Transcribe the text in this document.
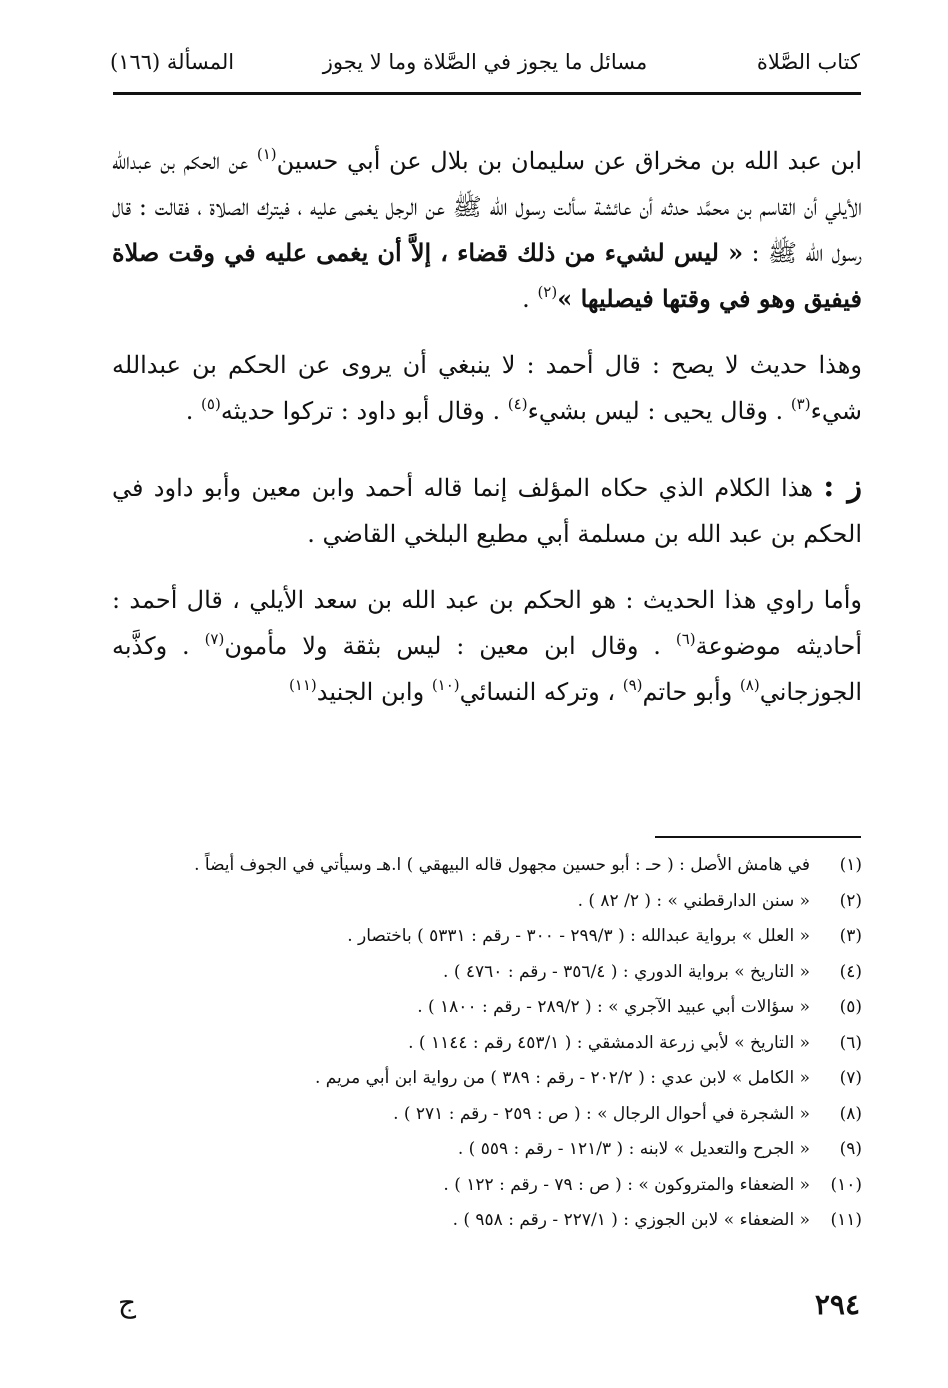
كتاب الصَّلاة
مسائل ما يجوز في الصَّلاة وما لا يجوز
المسألة (١٦٦)

ابن عبد الله بن مخراق عن سليمان بن بلال عن أبي حسين$^{(١)}$ عن الحكم بن عبدالله الأيلي أن القاسم بن محمَّد حدثه أن عائشة سألت رسول الله ﷺ عن الرجل يغمى عليه ، فيترك الصلاة ، فقالت : قال رسول الله ﷺ : « ليس لشيء من ذلك قضاء ، إلاَّ أن يغمى عليه في وقت صلاة فيفيق وهو في وقتها فيصليها »$^{(٢)}$ .

وهذا حديث لا يصح : قال أحمد : لا ينبغي أن يروى عن الحكم بن عبدالله شيء$^{(٣)}$ . وقال يحيى : ليس بشيء$^{(٤)}$ . وقال أبو داود : تركوا حديثه$^{(٥)}$ .

ز : هذا الكلام الذي حكاه المؤلف إنما قاله أحمد وابن معين وأبو داود في الحكم بن عبد الله بن مسلمة أبي مطيع البلخي القاضي .

وأما راوي هذا الحديث : هو الحكم بن عبد الله بن سعد الأيلي ، قال أحمد : أحاديثه موضوعة$^{(٦)}$ . وقال ابن معين : ليس بثقة ولا مأمون$^{(٧)}$ . وكذَّبه الجوزجاني$^{(٨)}$ وأبو حاتم$^{(٩)}$ ، وتركه النسائي$^{(١٠)}$ وابن الجنيد$^{(١١)}$

(١)
في هامش الأصل : ( حـ : أبو حسين مجهول قاله البيهقي ) ا.هـ وسيأتي في الجوف أيضاً .
(٢)
« سنن الدارقطني » : ( ٢/ ٨٢ ) .
(٣)
« العلل » برواية عبدالله : ( ٢٩٩/٣ - ٣٠٠ - رقم : ٥٣٣١ ) باختصار .
(٤)
« التاريخ » برواية الدوري : ( ٣٥٦/٤ - رقم : ٤٧٦٠ ) .
(٥)
« سؤالات أبي عبيد الآجري » : ( ٢٨٩/٢ - رقم : ١٨٠٠ ) .
(٦)
« التاريخ » لأبي زرعة الدمشقي : ( ٤٥٣/١ رقم : ١١٤٤ ) .
(٧)
« الكامل » لابن عدي : ( ٢٠٢/٢ - رقم : ٣٨٩ ) من رواية ابن أبي مريم .
(٨)
« الشجرة في أحوال الرجال » : ( ص : ٢٥٩ - رقم : ٢٧١ ) .
(٩)
« الجرح والتعديل » لابنه : ( ١٢١/٣ - رقم : ٥٥٩ ) .
(١٠)
« الضعفاء والمتروكون » : ( ص : ٧٩ - رقم : ١٢٢ ) .
(١١)
« الضعفاء » لابن الجوزي : ( ٢٢٧/١ - رقم : ٩٥٨ ) .
٢٩٤
ج
